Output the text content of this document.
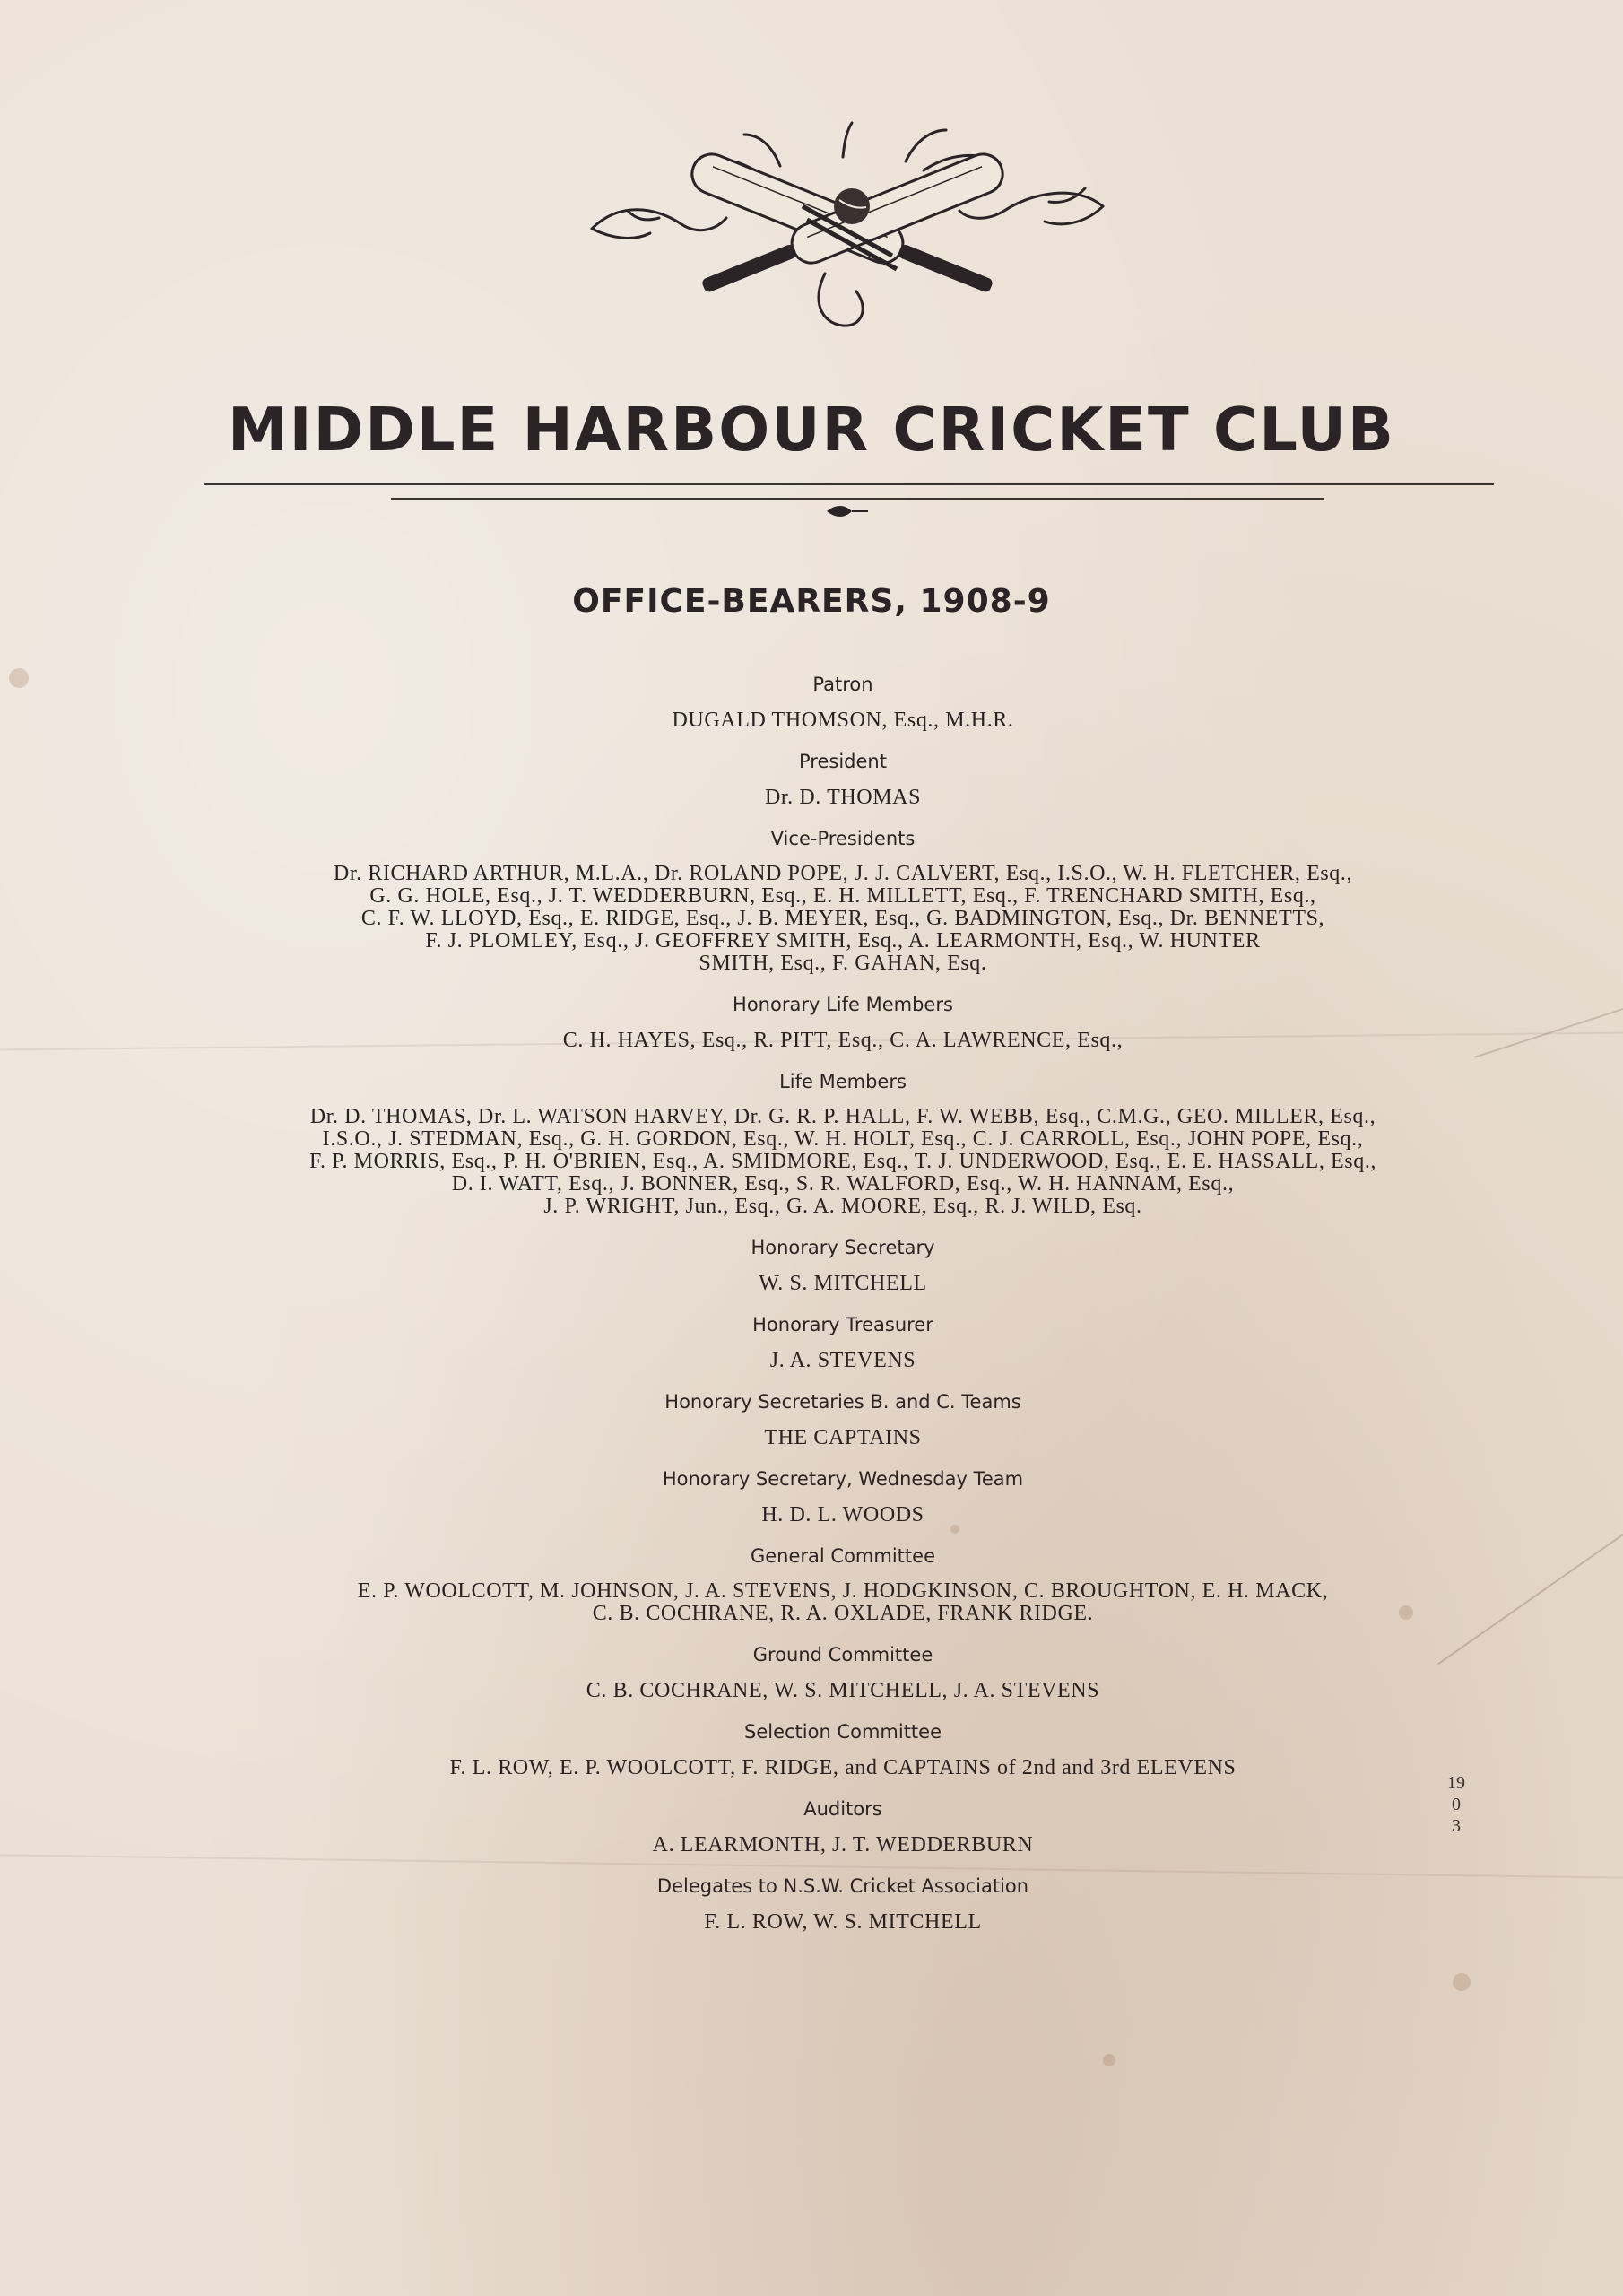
MIDDLE HARBOUR CRICKET CLUB
OFFICE-BEARERS, 1908-9
Patron
DUGALD THOMSON, Esq., M.H.R.
President
Dr. D. THOMAS
Vice-Presidents
Dr. RICHARD ARTHUR, M.L.A., Dr. ROLAND POPE, J. J. CALVERT, Esq., I.S.O., W. H. FLETCHER, Esq.,
G. G. HOLE, Esq., J. T. WEDDERBURN, Esq., E. H. MILLETT, Esq., F. TRENCHARD SMITH, Esq.,
C. F. W. LLOYD, Esq., E. RIDGE, Esq., J. B. MEYER, Esq., G. BADMINGTON, Esq., Dr. BENNETTS,
F. J. PLOMLEY, Esq., J. GEOFFREY SMITH, Esq., A. LEARMONTH, Esq., W. HUNTER
SMITH, Esq., F. GAHAN, Esq.
Honorary Life Members
C. H. HAYES, Esq., R. PITT, Esq., C. A. LAWRENCE, Esq.,
Life Members
Dr. D. THOMAS, Dr. L. WATSON HARVEY, Dr. G. R. P. HALL, F. W. WEBB, Esq., C.M.G., GEO. MILLER, Esq.,
I.S.O., J. STEDMAN, Esq., G. H. GORDON, Esq., W. H. HOLT, Esq., C. J. CARROLL, Esq., JOHN POPE, Esq.,
F. P. MORRIS, Esq., P. H. O'BRIEN, Esq., A. SMIDMORE, Esq., T. J. UNDERWOOD, Esq., E. E. HASSALL, Esq.,
D. I. WATT, Esq., J. BONNER, Esq., S. R. WALFORD, Esq., W. H. HANNAM, Esq.,
J. P. WRIGHT, Jun., Esq., G. A. MOORE, Esq., R. J. WILD, Esq.
Honorary Secretary
W. S. MITCHELL
Honorary Treasurer
J. A. STEVENS
Honorary Secretaries B. and C. Teams
THE CAPTAINS
Honorary Secretary, Wednesday Team
H. D. L. WOODS
General Committee
E. P. WOOLCOTT, M. JOHNSON, J. A. STEVENS, J. HODGKINSON, C. BROUGHTON, E. H. MACK,
C. B. COCHRANE, R. A. OXLADE, FRANK RIDGE.
Ground Committee
C. B. COCHRANE, W. S. MITCHELL, J. A. STEVENS
Selection Committee
F. L. ROW, E. P. WOOLCOTT, F. RIDGE, and CAPTAINS of 2nd and 3rd ELEVENS
Auditors
A. LEARMONTH, J. T. WEDDERBURN
Delegates to N.S.W. Cricket Association
F. L. ROW, W. S. MITCHELL
19
0
3
